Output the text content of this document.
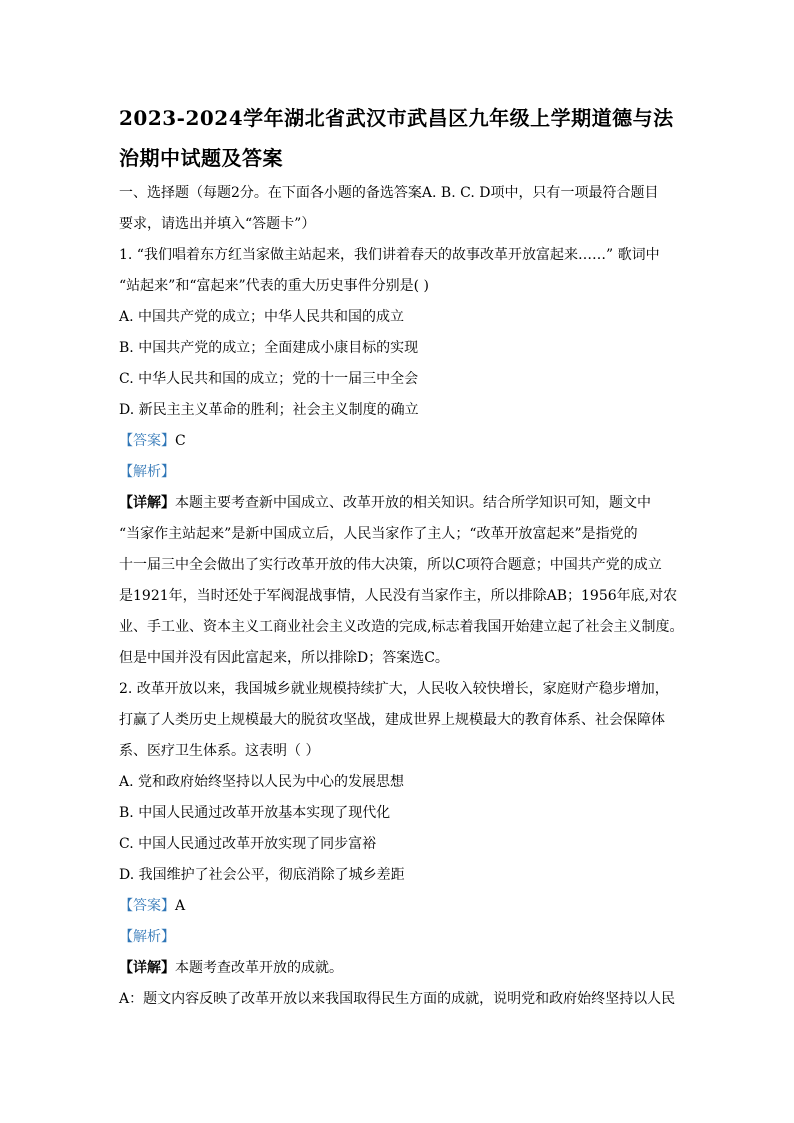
2023-2024学年湖北省武汉市武昌区九年级上学期道德与法
治期中试题及答案
一、选择题（每题2分。在下面各小题的备选答案A. B. C. D项中，只有一项最符合题目
要求，请选出并填入“答题卡”）
1. “我们唱着东方红当家做主站起来，我们讲着春天的故事改革开放富起来……” 歌词中
“站起来”和“富起来”代表的重大历史事件分别是( )
A. 中国共产党的成立；中华人民共和国的成立
B. 中国共产党的成立；全面建成小康目标的实现
C. 中华人民共和国的成立；党的十一届三中全会
D. 新民主主义革命的胜利；社会主义制度的确立
【答案】C
【解析】
【详解】本题主要考查新中国成立、改革开放的相关知识。结合所学知识可知，题文中
“当家作主站起来”是新中国成立后，人民当家作了主人；“改革开放富起来”是指党的
十一届三中全会做出了实行改革开放的伟大决策，所以C项符合题意；中国共产党的成立
是1921年，当时还处于军阀混战事情，人民没有当家作主，所以排除AB；1956年底,对农
业、手工业、资本主义工商业社会主义改造的完成,标志着我国开始建立起了社会主义制度。
但是中国并没有因此富起来，所以排除D；答案选C。
2. 改革开放以来，我国城乡就业规模持续扩大，人民收入较快增长，家庭财产稳步增加，
打赢了人类历史上规模最大的脱贫攻坚战，建成世界上规模最大的教育体系、社会保障体
系、医疗卫生体系。这表明（ ）
A. 党和政府始终坚持以人民为中心的发展思想
B. 中国人民通过改革开放基本实现了现代化
C. 中国人民通过改革开放实现了同步富裕
D. 我国维护了社会公平，彻底消除了城乡差距
【答案】A
【解析】
【详解】本题考查改革开放的成就。
A：题文内容反映了改革开放以来我国取得民生方面的成就，说明党和政府始终坚持以人民
